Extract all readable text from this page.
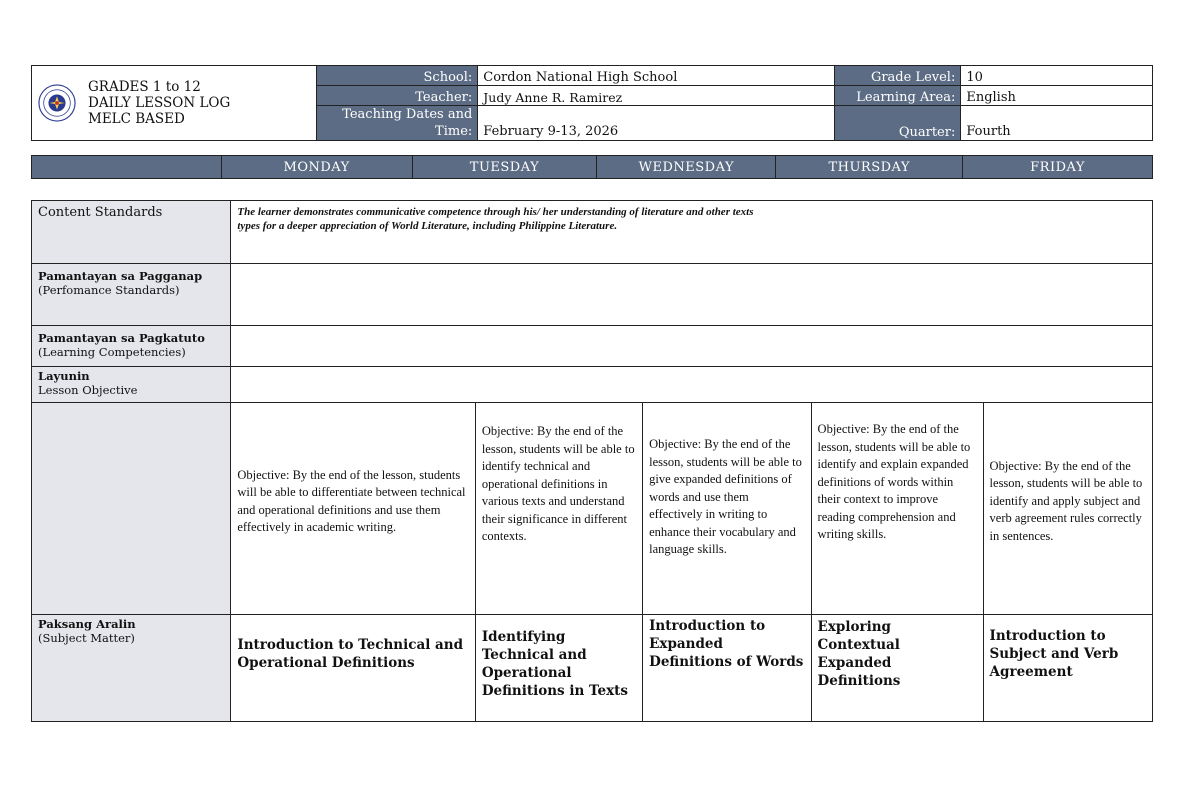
GRADES 1 to 12
DAILY LESSON LOG
MELC BASED	School:	Cordon National High School	Grade Level:	10
	Teacher:	Judy Anne R. Ramirez	Learning Area:	English

	Teaching Dates and
Time:	February 9-13, 2026	Quarter:	Fourth
	MONDAY	TUESDAY	WEDNESDAY	THURSDAY	FRIDAY
Content Standards	The learner demonstrates communicative competence through his/ her understanding of literature and other texts
types for a deeper appreciation of World Literature, including Philippine Literature.				

Pamantayan sa Pagganap
(Perfomance Standards)					
Pamantayan sa Pagkatuto
(Learning Competencies)					
Layunin
Lesson Objective					
	Objective: By the end of the lesson, students will be able to differentiate between technical and operational definitions and use them effectively in academic writing.	Objective: By the end of the lesson, students will be able to identify technical and operational definitions in various texts and understand their significance in different contexts.	Objective: By the end of the lesson, students will be able to give expanded definitions of words and use them effectively in writing to enhance their vocabulary and language skills.	Objective: By the end of the lesson, students will be able to identify and explain expanded definitions of words within their context to improve reading comprehension and writing skills.	Objective: By the end of the lesson, students will be able to identify and apply subject and verb agreement rules correctly in sentences.
Paksang Aralin
(Subject Matter)	Introduction to Technical and Operational Definitions	Identifying Technical and Operational Definitions in Texts	Introduction to Expanded Definitions of Words	Exploring Contextual Expanded Definitions	Introduction to Subject and Verb Agreement
